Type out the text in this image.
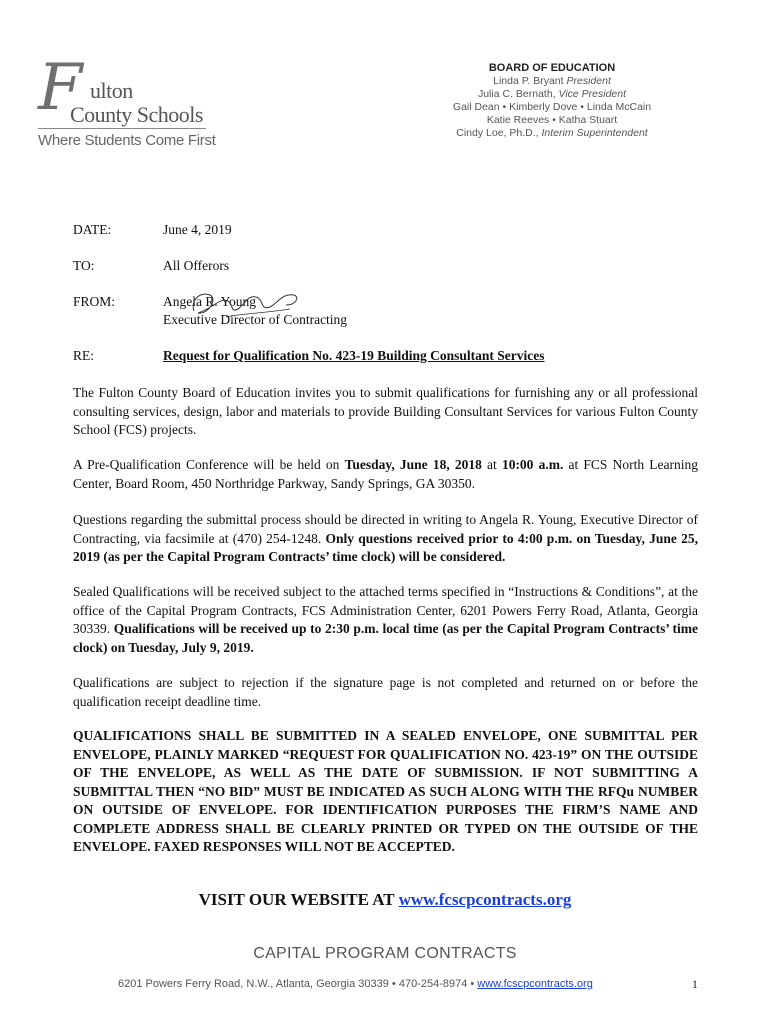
F ulton
County Schools
Where Students Come First
BOARD OF EDUCATION
Linda P. Bryant President
Julia C. Bernath, Vice President
Gail Dean • Kimberly Dove • Linda McCain
Katie Reeves • Katha Stuart
Cindy Loe, Ph.D., Interim Superintendent
DATE:	June 4, 2019
TO:	All Offerors
FROM:	Angela R. Young
Executive Director of Contracting
RE:	Request for Qualification No. 423-19 Building Consultant Services
The Fulton County Board of Education invites you to submit qualifications for furnishing any or all professional consulting services, design, labor and materials to provide Building Consultant Services for various Fulton County School (FCS) projects.
A Pre-Qualification Conference will be held on Tuesday, June 18, 2018 at 10:00 a.m. at FCS North Learning Center, Board Room, 450 Northridge Parkway, Sandy Springs, GA 30350.
Questions regarding the submittal process should be directed in writing to Angela R. Young, Executive Director of Contracting, via facsimile at (470) 254-1248. Only questions received prior to 4:00 p.m. on Tuesday, June 25, 2019 (as per the Capital Program Contracts’ time clock) will be considered.
Sealed Qualifications will be received subject to the attached terms specified in “Instructions & Conditions”, at the office of the Capital Program Contracts, FCS Administration Center, 6201 Powers Ferry Road, Atlanta, Georgia 30339. Qualifications will be received up to 2:30 p.m. local time (as per the Capital Program Contracts’ time clock) on Tuesday, July 9, 2019.
Qualifications are subject to rejection if the signature page is not completed and returned on or before the qualification receipt deadline time.
QUALIFICATIONS SHALL BE SUBMITTED IN A SEALED ENVELOPE, ONE SUBMITTAL PER ENVELOPE, PLAINLY MARKED “REQUEST FOR QUALIFICATION NO. 423-19” ON THE OUTSIDE OF THE ENVELOPE, AS WELL AS THE DATE OF SUBMISSION. IF NOT SUBMITTING A SUBMITTAL THEN “NO BID” MUST BE INDICATED AS SUCH ALONG WITH THE RFQu NUMBER ON OUTSIDE OF ENVELOPE. FOR IDENTIFICATION PURPOSES THE FIRM’S NAME AND COMPLETE ADDRESS SHALL BE CLEARLY PRINTED OR TYPED ON THE OUTSIDE OF THE ENVELOPE. FAXED RESPONSES WILL NOT BE ACCEPTED.
VISIT OUR WEBSITE AT www.fcscpcontracts.org
CAPITAL PROGRAM CONTRACTS
6201 Powers Ferry Road, N.W., Atlanta, Georgia 30339 • 470-254-8974 • www.fcscpcontracts.org	1
